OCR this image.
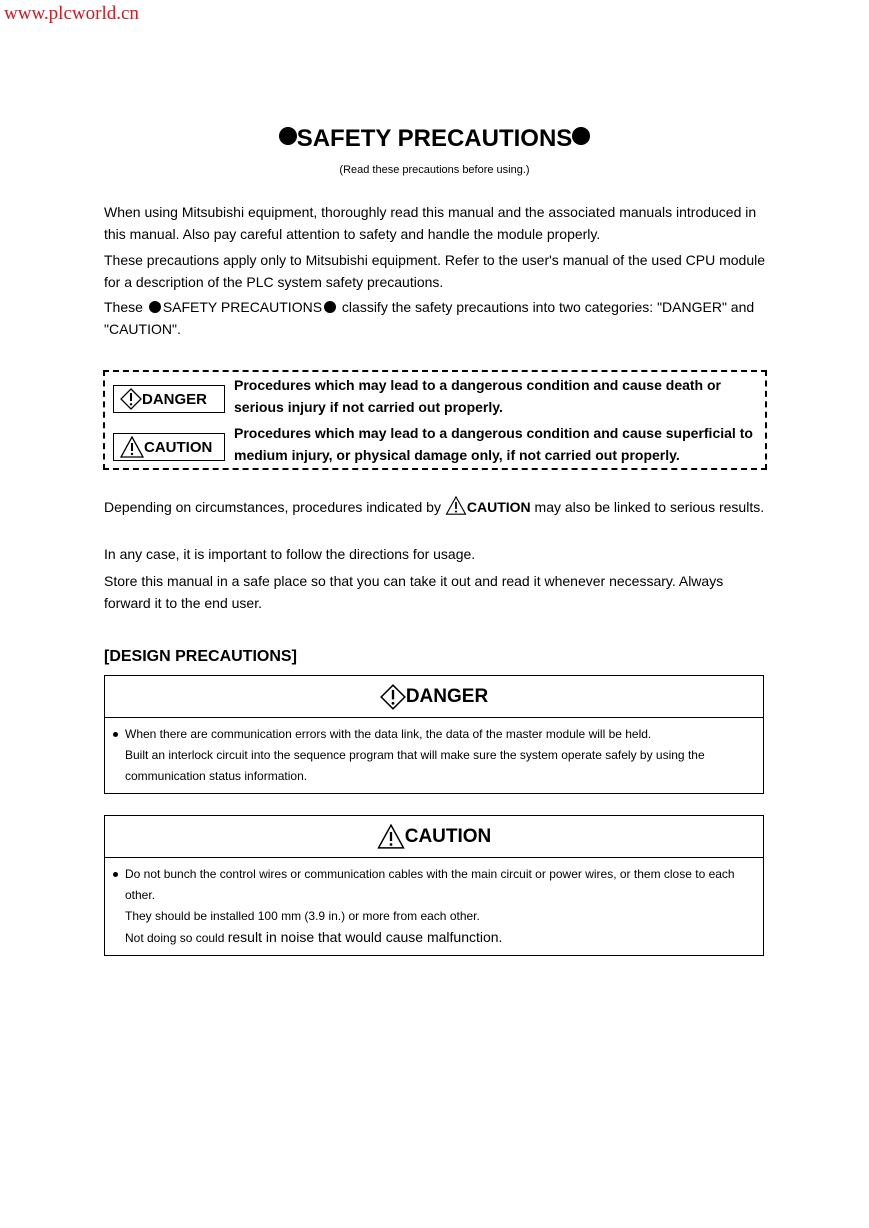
www.plcworld.cn
SAFETY PRECAUTIONS
(Read these precautions before using.)
When using Mitsubishi equipment, thoroughly read this manual and the associated manuals introduced in this manual. Also pay careful attention to safety and handle the module properly.
These precautions apply only to Mitsubishi equipment. Refer to the user's manual of the used CPU module for a description of the PLC system safety precautions.
These SAFETY PRECAUTIONS classify the safety precautions into two categories: "DANGER" and "CAUTION".
DANGER
Procedures which may lead to a dangerous condition and cause death or serious injury if not carried out properly.
CAUTION
Procedures which may lead to a dangerous condition and cause superficial to medium injury, or physical damage only, if not carried out properly.
Depending on circumstances, procedures indicated by CAUTION may also be linked to serious results.
In any case, it is important to follow the directions for usage.
Store this manual in a safe place so that you can take it out and read it whenever necessary. Always forward it to the end user.
[DESIGN PRECAUTIONS]
DANGER
When there are communication errors with the data link, the data of the master module will be held.
Built an interlock circuit into the sequence program that will make sure the system operate safely by using the communication status information.
CAUTION
Do not bunch the control wires or communication cables with the main circuit or power wires, or them close to each other.
They should be installed 100 mm (3.9 in.) or more from each other.
Not doing so could result in noise that would cause malfunction.
